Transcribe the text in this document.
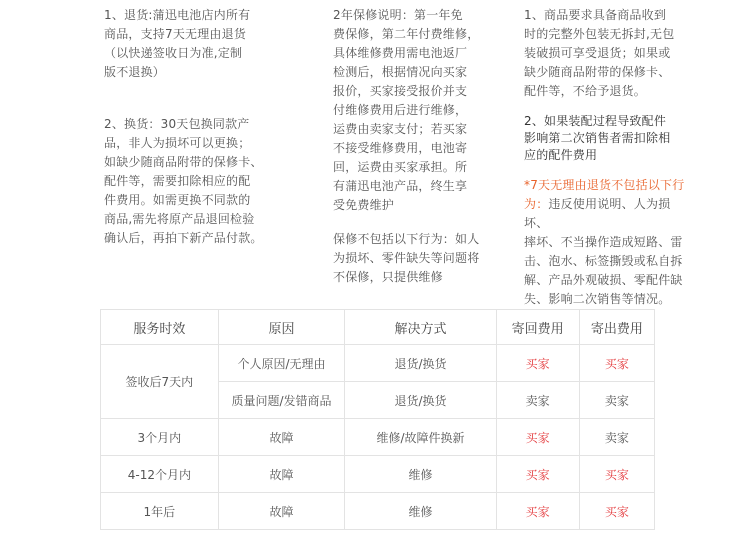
1、退货:蒲迅电池店内所有
商品，支持7天无理由退货
（以快递签收日为准,定制
版不退换）

2、换货：30天包换同款产
品，非人为损坏可以更换；
如缺少随商品附带的保修卡、
配件等，需要扣除相应的配
件费用。如需更换不同款的
商品,需先将原产品退回检验
确认后，再拍下新产品付款。

2年保修说明：第一年免
费保修，第二年付费维修，
具体维修费用需电池返厂
检测后，根据情况向买家
报价，买家接受报价并支
付维修费用后进行维修，
运费由卖家支付；若买家
不接受维修费用，电池寄
回，运费由买家承担。所
有蒲迅电池产品，终生享
受免费维护

保修不包括以下行为：如人
为损坏、零件缺失等问题将
不保修，只提供维修

1、商品要求具备商品收到
时的完整外包装无拆封,无包
装破损可享受退货；如果或
缺少随商品附带的保修卡、
配件等，不给予退货。

2、如果装配过程导致配件
影响第二次销售者需扣除相
应的配件费用

*7天无理由退货不包括以下行
为：违反使用说明、人为损坏、
摔坏、不当操作造成短路、雷
击、泡水、标签撕毁或私自拆
解、产品外观破损、零配件缺
失、影响二次销售等情况。

服务时效	原因	解决方式	寄回费用	寄出费用
签收后7天内	个人原因/无理由	退货/换货	买家	买家
	质量问题/发错商品	退货/换货	卖家	卖家
3个月内	故障	维修/故障件换新	买家	卖家
4-12个月内	故障	维修	买家	买家
1年后	故障	维修	买家	买家
